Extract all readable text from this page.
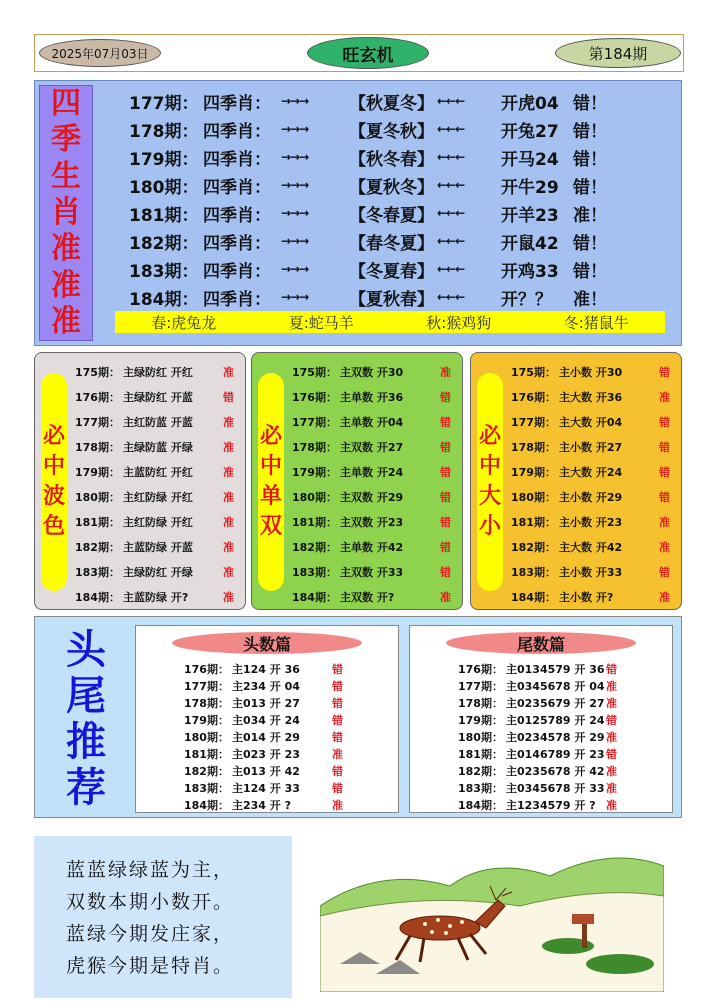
2025年07月03日	旺玄机	第184期
四
季
生
肖
准
准
准
177期： 四季肖： →→→	【秋夏冬】 ←←←	开虎04 错！
178期： 四季肖： →→→	【夏冬秋】 ←←←	开兔27 错！
179期： 四季肖： →→→	【秋冬春】 ←←←	开马24 错！
180期： 四季肖： →→→	【夏秋冬】 ←←←	开牛29 错！
181期： 四季肖： →→→	【冬春夏】 ←←←	开羊23 准！
182期： 四季肖： →→→	【春冬夏】 ←←←	开鼠42 错！
183期： 四季肖： →→→	【冬夏春】 ←←←	开鸡33 错！
184期： 四季肖： →→→	【夏秋春】 ←←←	开？？	准！
春:虎兔龙	夏:蛇马羊	秋:猴鸡狗	冬:猪鼠牛
必
中
波
色
175期： 主绿防红 开红	准
176期： 主绿防红 开蓝	错
177期： 主红防蓝 开蓝	准
178期： 主绿防蓝 开绿	准
179期： 主蓝防红 开红	准
180期： 主红防绿 开红	准
181期： 主红防绿 开红	准
182期： 主蓝防绿 开蓝	准
183期： 主绿防红 开绿	准
184期： 主蓝防绿 开?	准
必
中
单
双
175期： 主双数 开30	准
176期： 主单数 开36	错
177期： 主单数 开04	错
178期： 主双数 开27	错
179期： 主单数 开24	错
180期： 主双数 开29	错
181期： 主双数 开23	错
182期： 主单数 开42	错
183期： 主双数 开33	错
184期： 主双数 开?	准
必
中
大
小
175期： 主小数 开30	错
176期： 主大数 开36	准
177期： 主大数 开04	错
178期： 主小数 开27	错
179期： 主大数 开24	错
180期： 主小数 开29	错
181期： 主小数 开23	准
182期： 主大数 开42	准
183期： 主小数 开33	错
184期： 主小数 开?	准
头
尾
推
荐
头数篇
176期： 主124 开 36	错
177期： 主234 开 04	错
178期： 主013 开 27	错
179期： 主034 开 24	错
180期： 主014 开 29	错
181期： 主023 开 23	准
182期： 主013 开 42	错
183期： 主124 开 33	错
184期： 主234 开 ?	准
尾数篇
176期： 主0134579 开 36 错
177期： 主0345678 开 04 准
178期： 主0235679 开 27 准
179期： 主0125789 开 24 错
180期： 主0234578 开 29 准
181期： 主0146789 开 23 错
182期： 主0235678 开 42 准
183期： 主0345678 开 33 准
184期： 主1234579 开 ? 准
蓝蓝绿绿蓝为主，
双数本期小数开。
蓝绿今期发庄家，
虎猴今期是特肖。
